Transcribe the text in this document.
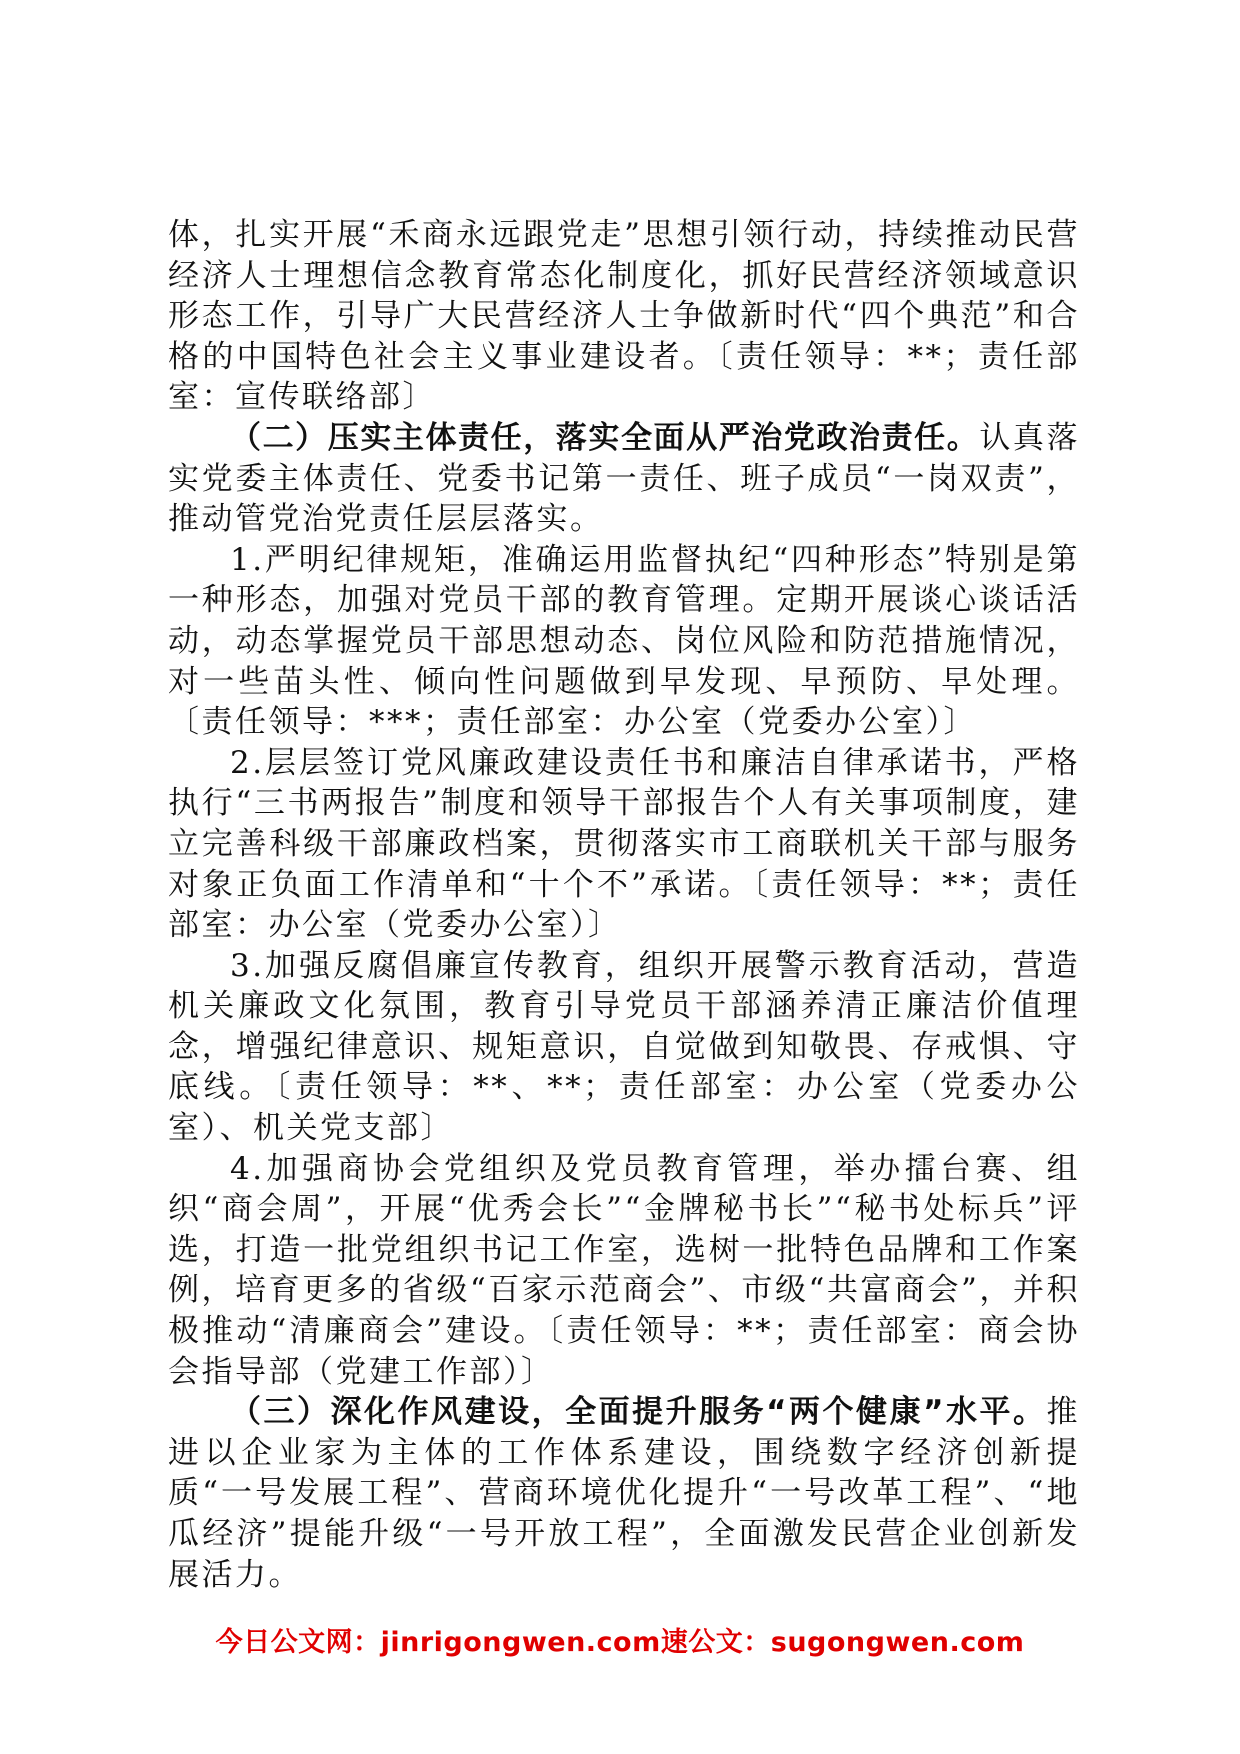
体，扎实开展“禾商永远跟党走”思想引领行动，持续推动民营经济人士理想信念教育常态化制度化，抓好民营经济领域意识形态工作，引导广大民营经济人士争做新时代“四个典范”和合格的中国特色社会主义事业建设者。〔责任领导：**；责任部室：宣传联络部〕

（二）压实主体责任，落实全面从严治党政治责任。认真落实党委主体责任、党委书记第一责任、班子成员“一岗双责”，推动管党治党责任层层落实。

1.严明纪律规矩，准确运用监督执纪“四种形态”特别是第一种形态，加强对党员干部的教育管理。定期开展谈心谈话活动，动态掌握党员干部思想动态、岗位风险和防范措施情况，对一些苗头性、倾向性问题做到早发现、早预防、早处理。〔责任领导：***；责任部室：办公室（党委办公室）〕

2.层层签订党风廉政建设责任书和廉洁自律承诺书，严格执行“三书两报告”制度和领导干部报告个人有关事项制度，建立完善科级干部廉政档案，贯彻落实市工商联机关干部与服务对象正负面工作清单和“十个不”承诺。〔责任领导：**；责任部室：办公室（党委办公室）〕

3.加强反腐倡廉宣传教育，组织开展警示教育活动，营造机关廉政文化氛围，教育引导党员干部涵养清正廉洁价值理念，增强纪律意识、规矩意识，自觉做到知敬畏、存戒惧、守底线。〔责任领导：**、**；责任部室：办公室（党委办公室）、机关党支部〕

4.加强商协会党组织及党员教育管理，举办擂台赛、组织“商会周”，开展“优秀会长”“金牌秘书长”“秘书处标兵”评选，打造一批党组织书记工作室，选树一批特色品牌和工作案例，培育更多的省级“百家示范商会”、市级“共富商会”，并积极推动“清廉商会”建设。〔责任领导：**；责任部室：商会协会指导部（党建工作部）〕

（三）深化作风建设，全面提升服务“两个健康”水平。推进以企业家为主体的工作体系建设，围绕数字经济创新提质“一号发展工程”、营商环境优化提升“一号改革工程”、“地瓜经济”提能升级“一号开放工程”，全面激发民营企业创新发展活力。

今日公文网：jinrigongwen.com速公文：sugongwen.com
